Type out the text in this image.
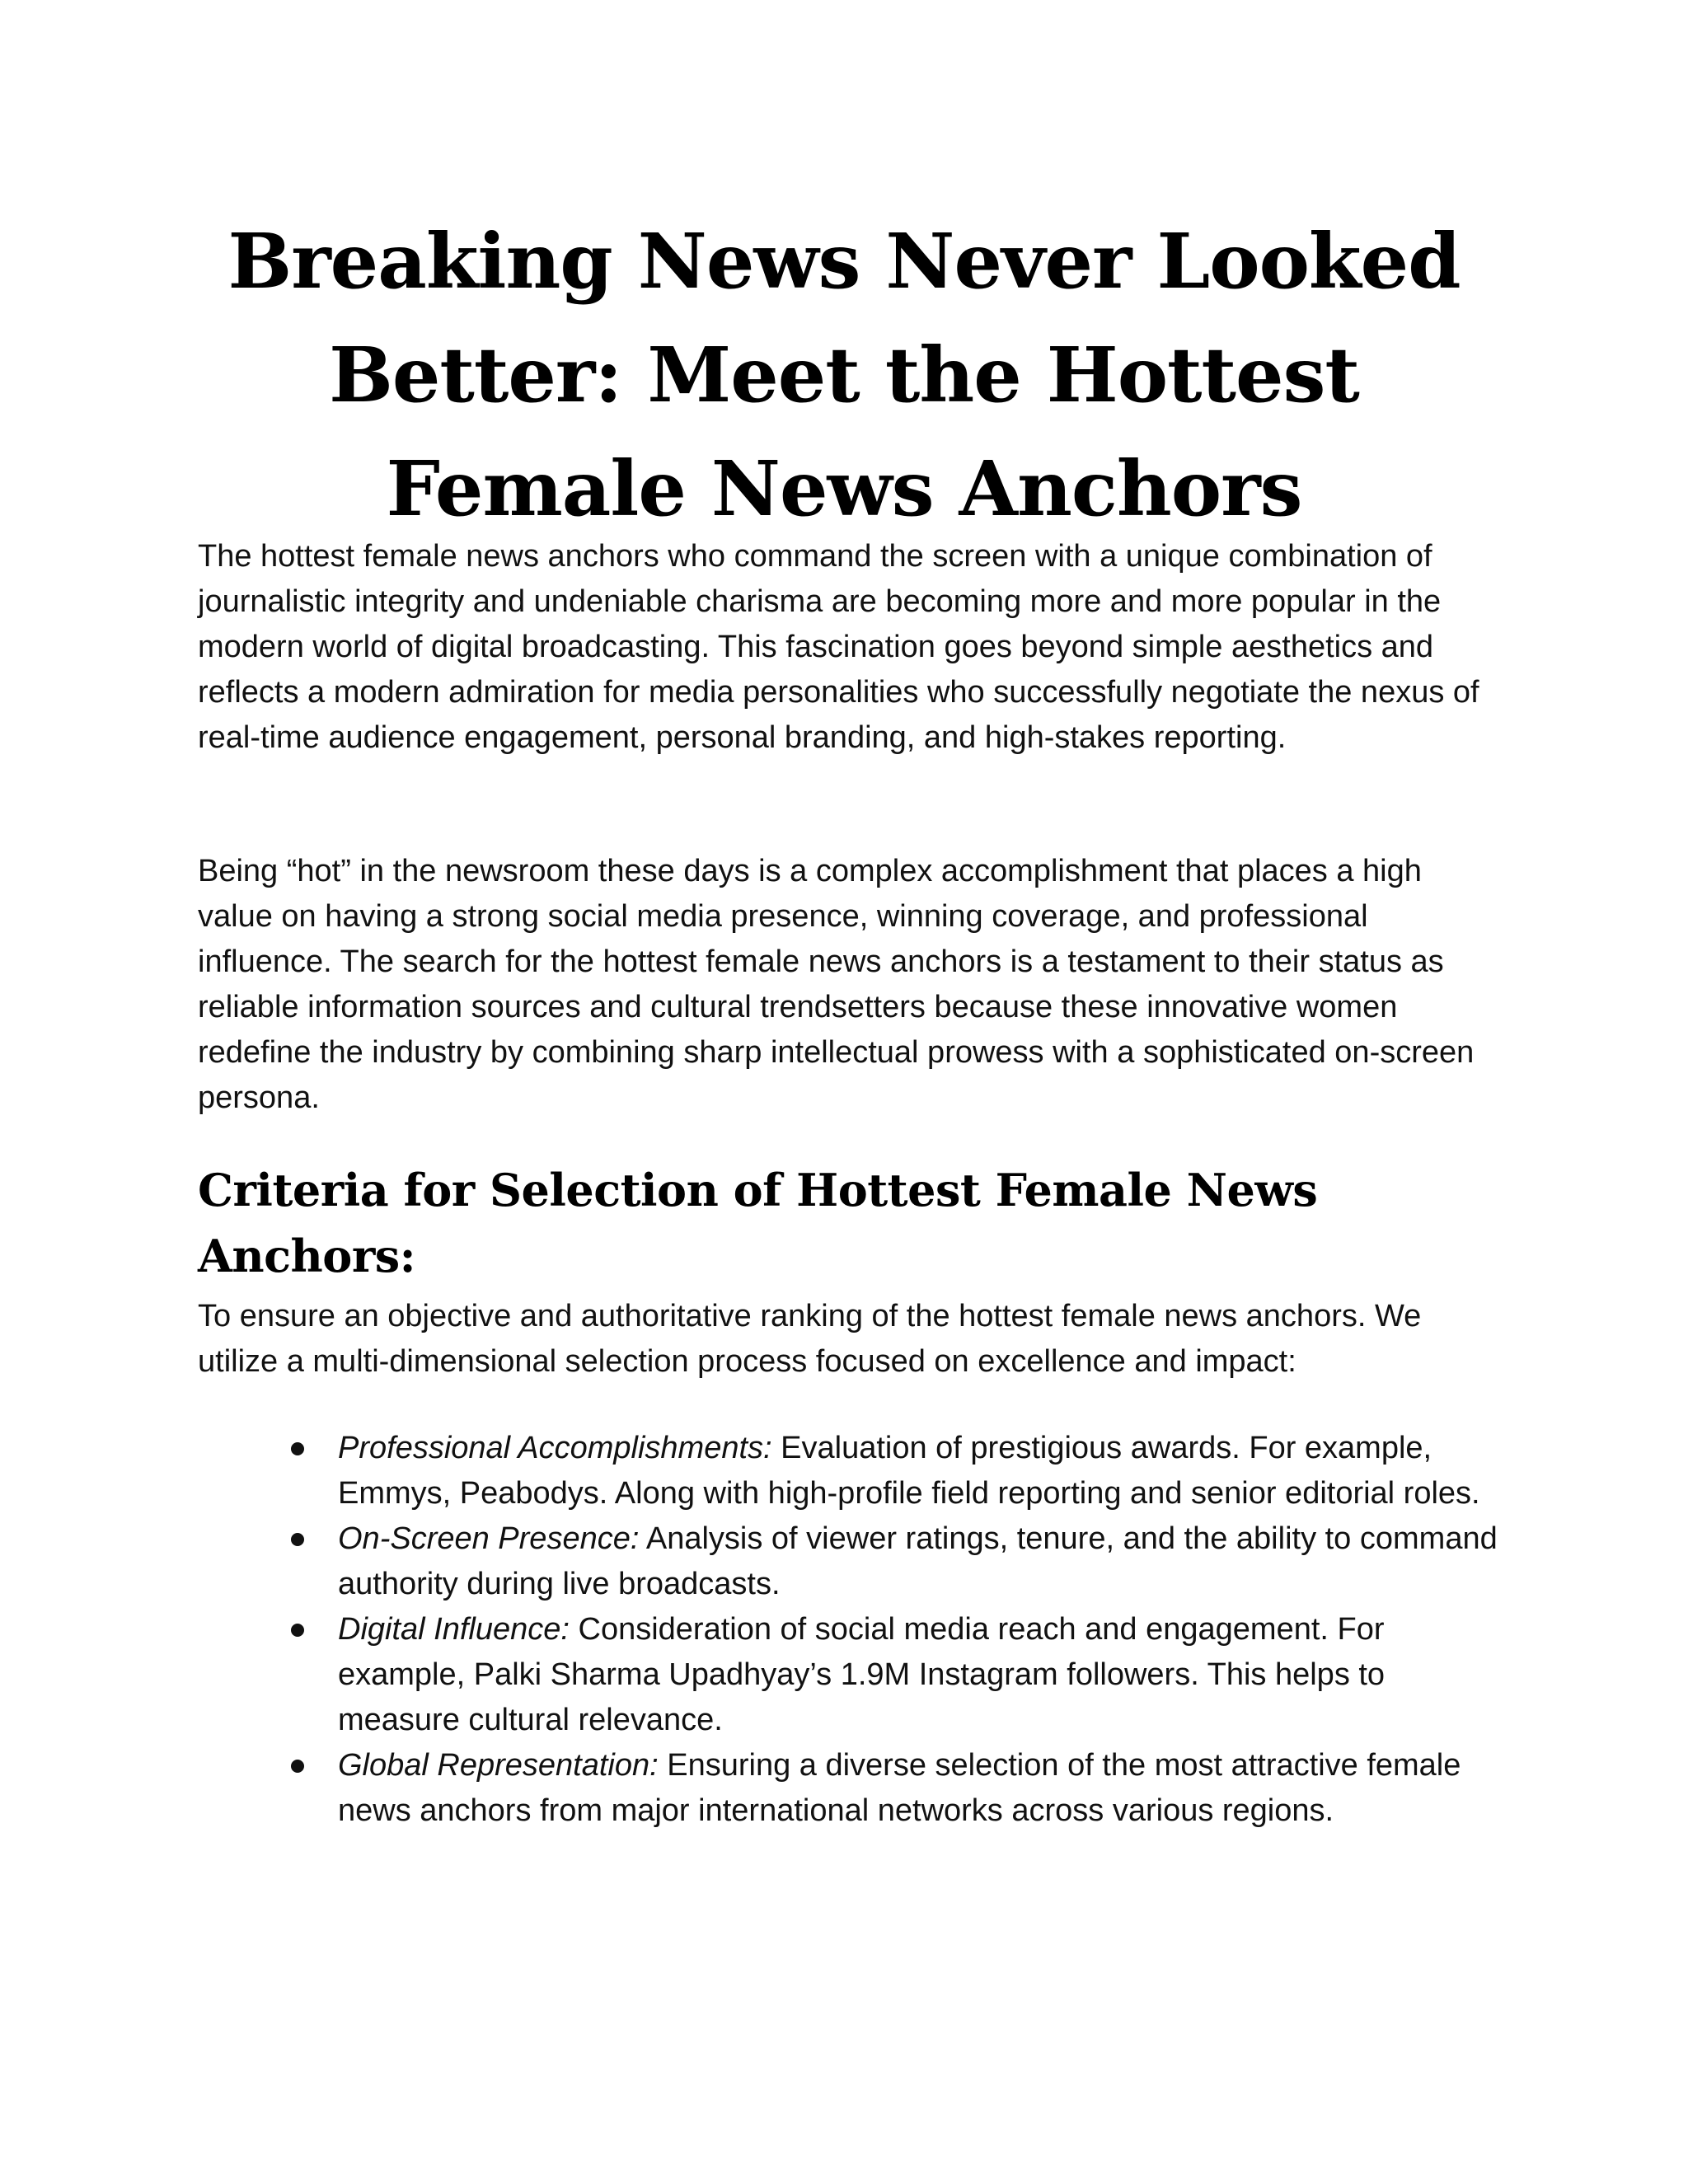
Breaking News Never Looked Better: Meet the Hottest Female News Anchors

The hottest female news anchors who command the screen with a unique combination of journalistic integrity and undeniable charisma are becoming more and more popular in the modern world of digital broadcasting. This fascination goes beyond simple aesthetics and reflects a modern admiration for media personalities who successfully negotiate the nexus of real-time audience engagement, personal branding, and high-stakes reporting.

Being “hot” in the newsroom these days is a complex accomplishment that places a high value on having a strong social media presence, winning coverage, and professional influence. The search for the hottest female news anchors is a testament to their status as reliable information sources and cultural trendsetters because these innovative women redefine the industry by combining sharp intellectual prowess with a sophisticated on-screen persona.

Criteria for Selection of Hottest Female News Anchors:

To ensure an objective and authoritative ranking of the hottest female news anchors. We utilize a multi-dimensional selection process focused on excellence and impact:

Professional Accomplishments: Evaluation of prestigious awards. For example, Emmys, Peabodys. Along with high-profile field reporting and senior editorial roles.
On-Screen Presence: Analysis of viewer ratings, tenure, and the ability to command authority during live broadcasts.
Digital Influence: Consideration of social media reach and engagement. For example, Palki Sharma Upadhyay’s 1.9M Instagram followers. This helps to measure cultural relevance.
Global Representation: Ensuring a diverse selection of the most attractive female news anchors from major international networks across various regions.
